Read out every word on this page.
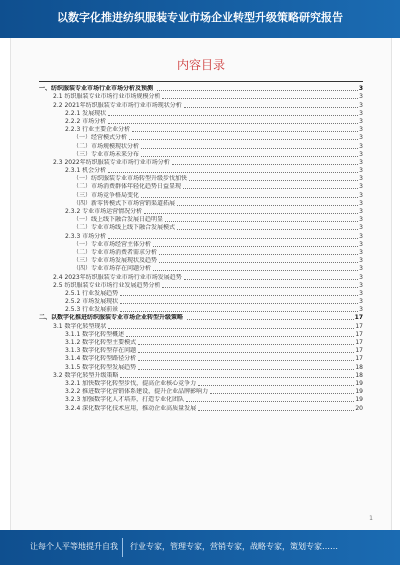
以数字化推进纺织服装专业市场企业转型升级策略研究报告
内容目录
一、纺织服装专业市场行业市场分析及预测	3
2.1 纺织服装专业市场行业市场规模分析	3
2.2 2021年纺织服装专业市场行业市场现状分析	3
2.2.1 发展现状	3
2.2.2 市场分析	3
2.2.3 行业主要企业分析	3
（一）经营模式分析	3
（二）市场规模现状分析	3
（三）专业市场未来分布	3
2.3 2022年纺织服装专业市场行业市场分析	3
2.3.1 机会分析	3
（一）纺织服装专业市场转型升级步伐加快	3
（二）市场消费群体年轻化趋势日益显现	3
（三）市场竞争格局变化	3
（四）新零售模式下市场营销渠道拓展	3
2.3.2 专业市场运营情况分析	3
（一）线上线下融合发展日趋明显	3
（二）专业市场线上线下融合发展模式	3
2.3.3 市场分析	3
（一）专业市场经营主体分析	3
（二）专业市场消费者需求分析	3
（三）专业市场发展现状及趋势	3
（四）专业市场存在问题分析	3
2.4 2023年纺织服装专业市场行业市场发展趋势	3
2.5 纺织服装专业市场行业发展趋势分析	3
2.5.1 行业发展趋势	3
2.5.2 市场发展现状	3
2.5.3 行业发展前景	3
二、以数字化推进纺织服装专业市场企业转型升级策略	17
3.1 数字化转型现状	17
3.1.1 数字化转型概述	17
3.1.2 数字化转型主要模式	17
3.1.3 数字化转型存在问题	17
3.1.4 数字化转型路径分析	17
3.1.5 数字化转型发展趋势	18
3.2 数字化转型升级策略	18
3.2.1 加快数字化转型步伐，提高企业核心竞争力	19
3.2.2 推进数字化营销体系建设，提升企业品牌影响力	19
3.2.3 加强数字化人才培养，打造专业化团队	19
3.2.4 深化数字化技术应用，推动企业高质量发展	20
1
让每个人平等地提升自我 行业专家，管理专家，营销专家，战略专家，策划专家……
